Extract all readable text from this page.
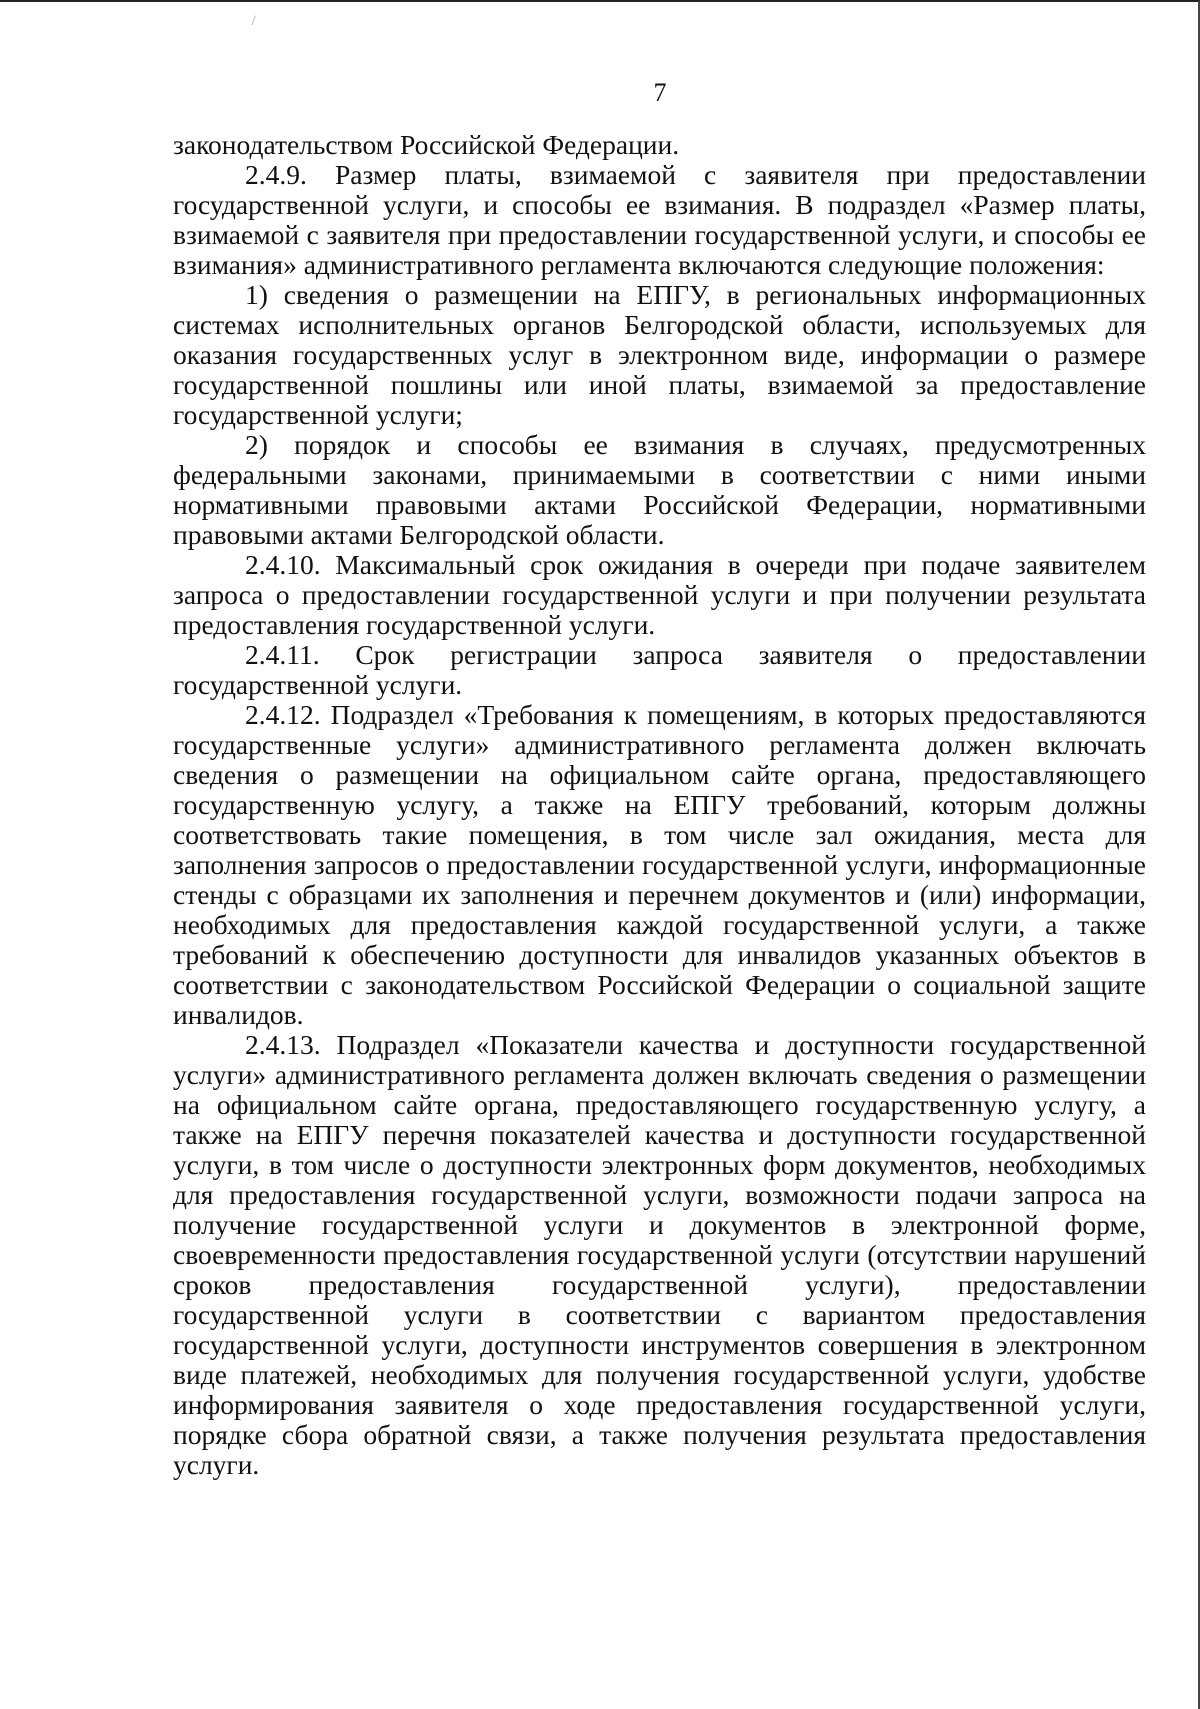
7

законодательством Российской Федерации.

2.4.9. Размер платы, взимаемой с заявителя при предоставлении государственной услуги, и способы ее взимания. В подраздел «Размер платы, взимаемой с заявителя при предоставлении государственной услуги, и способы ее взимания» административного регламента включаются следующие положения:

1) сведения о размещении на ЕПГУ, в региональных информационных системах исполнительных органов Белгородской области, используемых для оказания государственных услуг в электронном виде, информации о размере государственной пошлины или иной платы, взимаемой за предоставление государственной услуги;

2) порядок и способы ее взимания в случаях, предусмотренных федеральными законами, принимаемыми в соответствии с ними иными нормативными правовыми актами Российской Федерации, нормативными правовыми актами Белгородской области.

2.4.10. Максимальный срок ожидания в очереди при подаче заявителем запроса о предоставлении государственной услуги и при получении результата предоставления государственной услуги.

2.4.11. Срок регистрации запроса заявителя о предоставлении государственной услуги.

2.4.12. Подраздел «Требования к помещениям, в которых предоставляются государственные услуги» административного регламента должен включать сведения о размещении на официальном сайте органа, предоставляющего государственную услугу, а также на ЕПГУ требований, которым должны соответствовать такие помещения, в том числе зал ожидания, места для заполнения запросов о предоставлении государственной услуги, информационные стенды с образцами их заполнения и перечнем документов и (или) информации, необходимых для предоставления каждой государственной услуги, а также требований к обеспечению доступности для инвалидов указанных объектов в соответствии с законодательством Российской Федерации о социальной защите инвалидов.

2.4.13. Подраздел «Показатели качества и доступности государственной услуги» административного регламента должен включать сведения о размещении на официальном сайте органа, предоставляющего государственную услугу, а также на ЕПГУ перечня показателей качества и доступности государственной услуги, в том числе о доступности электронных форм документов, необходимых для предоставления государственной услуги, возможности подачи запроса на получение государственной услуги и документов в электронной форме, своевременности предоставления государственной услуги (отсутствии нарушений сроков предоставления государственной услуги), предоставлении государственной услуги в соответствии с вариантом предоставления государственной услуги, доступности инструментов совершения в электронном виде платежей, необходимых для получения государственной услуги, удобстве информирования заявителя о ходе предоставления государственной услуги, порядке сбора обратной связи, а также получения результата предоставления услуги.
